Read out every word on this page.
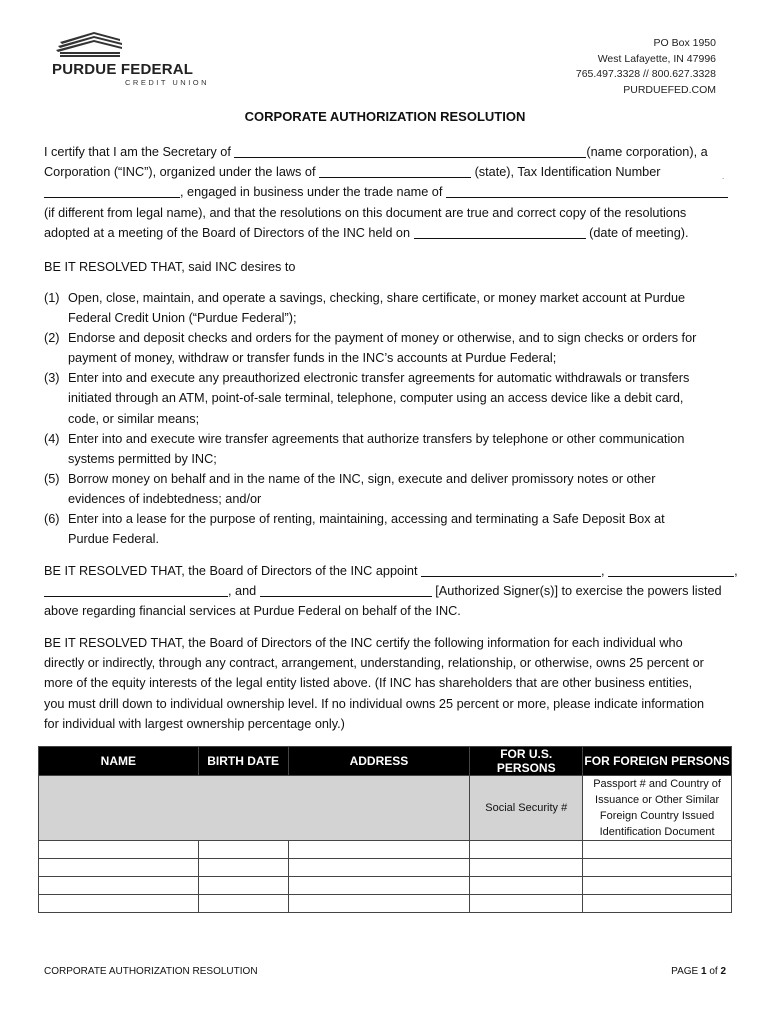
PURDUE FEDERAL
CREDIT UNION
PO Box 1950
West Lafayette, IN 47996
765.497.3328 // 800.627.3328
PURDUEFED.COM
CORPORATE AUTHORIZATION RESOLUTION
I certify that I am the Secretary of	(name corporation), a
Corporation (“INC”), organized under the laws of	(state), Tax Identification Number
, engaged in business under the trade name of
(if different from legal name), and that the resolutions on this document are true and correct copy of the resolutions
adopted at a meeting of the Board of Directors of the INC held on	(date of meeting).
.
BE IT RESOLVED THAT, said INC desires to
(1) Open, close, maintain, and operate a savings, checking, share certificate, or money market account at Purdue
Federal Credit Union (“Purdue Federal”);
(2) Endorse and deposit checks and orders for the payment of money or otherwise, and to sign checks or orders for
payment of money, withdraw or transfer funds in the INC’s accounts at Purdue Federal;
(3) Enter into and execute any preauthorized electronic transfer agreements for automatic withdrawals or transfers
initiated through an ATM, point-of-sale terminal, telephone, computer using an access device like a debit card,
code, or similar means;
(4) Enter into and execute wire transfer agreements that authorize transfers by telephone or other communication
systems permitted by INC;
(5) Borrow money on behalf and in the name of the INC, sign, execute and deliver promissory notes or other
evidences of indebtedness; and/or
(6) Enter into a lease for the purpose of renting, maintaining, accessing and terminating a Safe Deposit Box at
Purdue Federal.
BE IT RESOLVED THAT, the Board of Directors of the INC appoint	,	,
, and	[Authorized Signer(s)] to exercise the powers listed
above regarding financial services at Purdue Federal on behalf of the INC.
BE IT RESOLVED THAT, the Board of Directors of the INC certify the following information for each individual who
directly or indirectly, through any contract, arrangement, understanding, relationship, or otherwise, owns 25 percent or
more of the equity interests of the legal entity listed above. (If INC has shareholders that are other business entities,
you must drill down to individual ownership level. If no individual owns 25 percent or more, please indicate information
for individual with largest ownership percentage only.)
NAME	BIRTH DATE	ADDRESS	FOR U.S. PERSONS	FOR FOREIGN PERSONS
			Social Security #	Passport # and Country of
Issuance or Other Similar
Foreign Country Issued
Identification Document

CORPORATE AUTHORIZATION RESOLUTION	PAGE 1 of 2
